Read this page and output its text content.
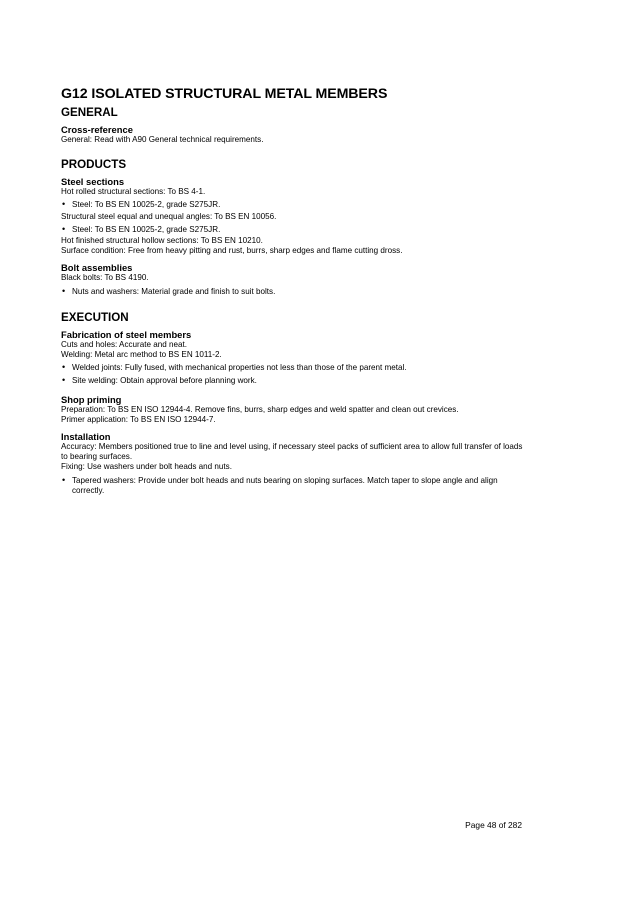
G12 ISOLATED STRUCTURAL METAL MEMBERS
GENERAL
Cross-reference
General: Read with A90 General technical requirements.
PRODUCTS
Steel sections
Hot rolled structural sections: To BS 4-1.
• Steel: To BS EN 10025-2, grade S275JR.
Structural steel equal and unequal angles: To BS EN 10056.
• Steel: To BS EN 10025-2, grade S275JR.
Hot finished structural hollow sections: To BS EN 10210.
Surface condition: Free from heavy pitting and rust, burrs, sharp edges and flame cutting dross.
Bolt assemblies
Black bolts: To BS 4190.
• Nuts and washers: Material grade and finish to suit bolts.
EXECUTION
Fabrication of steel members
Cuts and holes: Accurate and neat.
Welding: Metal arc method to BS EN 1011-2.
• Welded joints: Fully fused, with mechanical properties not less than those of the parent metal.
• Site welding: Obtain approval before planning work.
Shop priming
Preparation: To BS EN ISO 12944-4. Remove fins, burrs, sharp edges and weld spatter and clean out crevices.
Primer application: To BS EN ISO 12944-7.
Installation
Accuracy: Members positioned true to line and level using, if necessary steel packs of sufficient area to allow full transfer of loads to bearing surfaces.
Fixing: Use washers under bolt heads and nuts.
• Tapered washers: Provide under bolt heads and nuts bearing on sloping surfaces. Match taper to slope angle and align correctly.
Page 48 of 282
